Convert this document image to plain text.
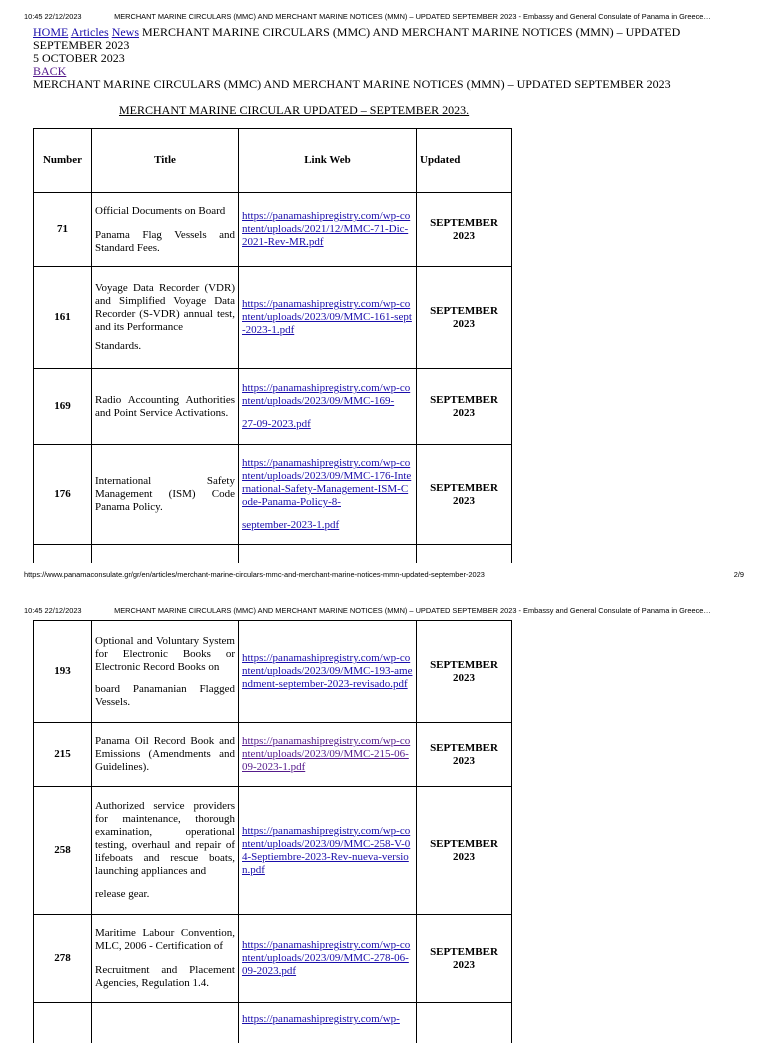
10:45 22/12/2023	MERCHANT MARINE CIRCULARS (MMC) AND MERCHANT MARINE NOTICES (MMN) – UPDATED SEPTEMBER 2023 - Embassy and General Consulate of Panama in Greece…
HOME Articles News MERCHANT MARINE CIRCULARS (MMC) AND MERCHANT MARINE NOTICES (MMN) – UPDATED SEPTEMBER 2023
5 OCTOBER 2023
BACK
MERCHANT MARINE CIRCULARS (MMC) AND MERCHANT MARINE NOTICES (MMN) – UPDATED SEPTEMBER 2023
MERCHANT MARINE CIRCULAR UPDATED – SEPTEMBER 2023.
Number	Title	Link Web	Updated
71	Official Documents on Board
Panama Flag Vessels and Standard Fees.	https://panamashipregistry.com/wp-content/uploads/2021/12/MMC-71-Dic-2021-Rev-MR.pdf	SEPTEMBER 2023
161	Voyage Data Recorder (VDR) and Simplified Voyage Data Recorder (S-VDR) annual test, and its Performance
Standards.	https://panamashipregistry.com/wp-content/uploads/2023/09/MMC-161-sept-2023-1.pdf	SEPTEMBER 2023
169	Radio Accounting Authorities and Point Service Activations.	https://panamashipregistry.com/wp-content/uploads/2023/09/MMC-169-
27-09-2023.pdf	SEPTEMBER 2023
176	International Safety Management (ISM) Code Panama Policy.	https://panamashipregistry.com/wp-content/uploads/2023/09/MMC-176-International-Safety-Management-ISM-Code-Panama-Policy-8-
september-2023-1.pdf	SEPTEMBER 2023

https://www.panamaconsulate.gr/gr/en/articles/merchant-marine-circulars-mmc-and-merchant-marine-notices-mmn-updated-september-2023	2/9
10:45 22/12/2023	MERCHANT MARINE CIRCULARS (MMC) AND MERCHANT MARINE NOTICES (MMN) – UPDATED SEPTEMBER 2023 - Embassy and General Consulate of Panama in Greece…
193	Optional and Voluntary System for Electronic Books or Electronic Record Books on
board Panamanian Flagged Vessels.	https://panamashipregistry.com/wp-content/uploads/2023/09/MMC-193-amendment-september-2023-revisado.pdf	SEPTEMBER 2023
215	Panama Oil Record Book and Emissions (Amendments and Guidelines).	https://panamashipregistry.com/wp-content/uploads/2023/09/MMC-215-06-09-2023-1.pdf	SEPTEMBER 2023
258	Authorized service providers for maintenance, thorough examination, operational testing, overhaul and repair of lifeboats and rescue boats, launching appliances and
release gear.	https://panamashipregistry.com/wp-content/uploads/2023/09/MMC-258-V-04-Septiembre-2023-Rev-nueva-version.pdf	SEPTEMBER 2023
278	Maritime Labour Convention, MLC, 2006 - Certification of
Recruitment and Placement Agencies, Regulation 1.4.	https://panamashipregistry.com/wp-content/uploads/2023/09/MMC-278-06-09-2023.pdf	SEPTEMBER 2023
		https://panamashipregistry.com/wp-	
